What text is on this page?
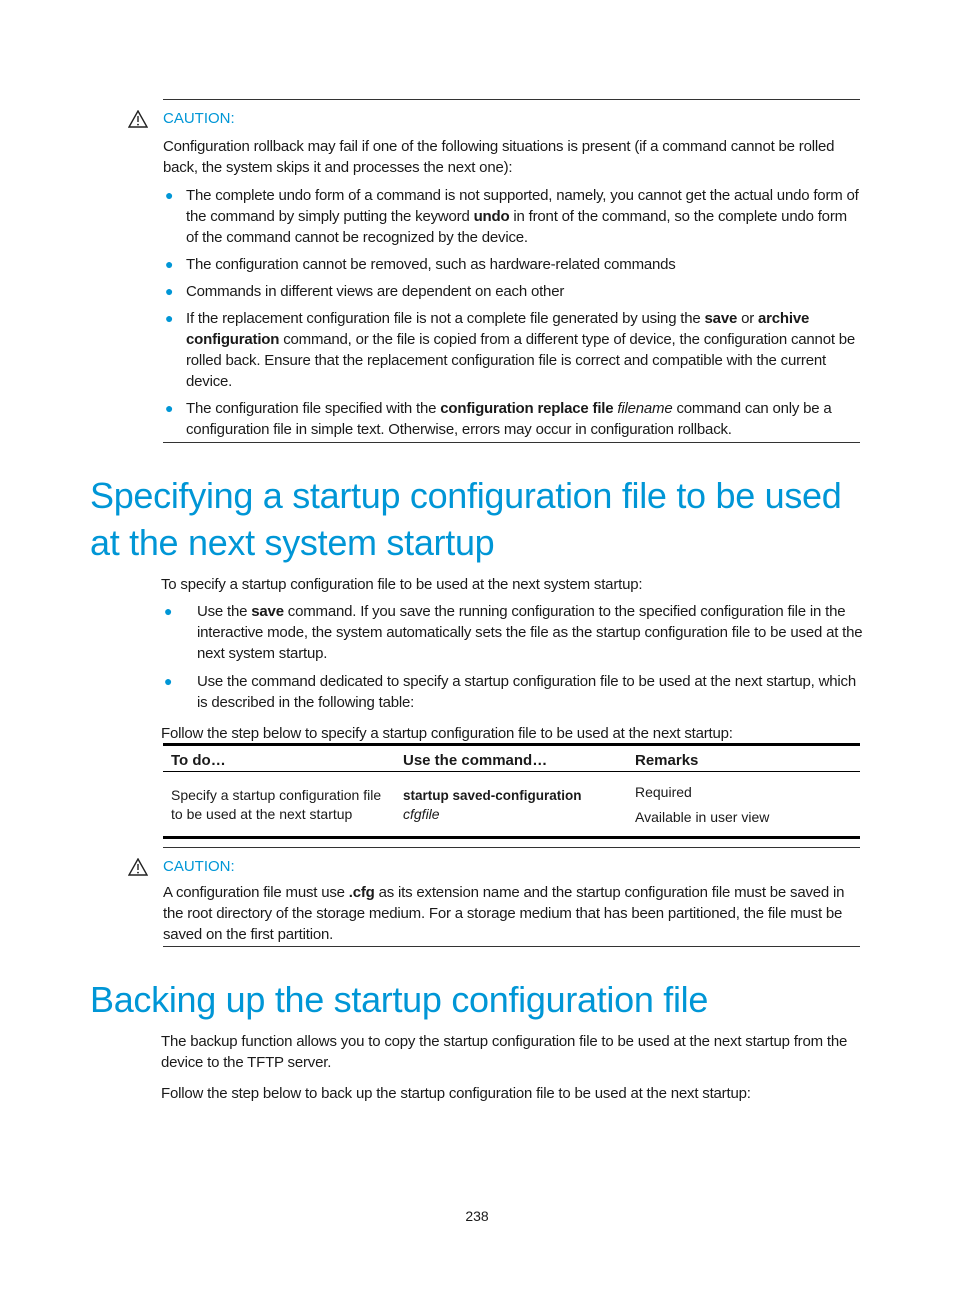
CAUTION:
Configuration rollback may fail if one of the following situations is present (if a command cannot be rolled back, the system skips it and processes the next one):
● The complete undo form of a command is not supported, namely, you cannot get the actual undo form of the command by simply putting the keyword undo in front of the command, so the complete undo form of the command cannot be recognized by the device.
● The configuration cannot be removed, such as hardware-related commands
● Commands in different views are dependent on each other
● If the replacement configuration file is not a complete file generated by using the save or archive configuration command, or the file is copied from a different type of device, the configuration cannot be rolled back. Ensure that the replacement configuration file is correct and compatible with the current device.
● The configuration file specified with the configuration replace file filename command can only be a configuration file in simple text. Otherwise, errors may occur in configuration rollback.
Specifying a startup configuration file to be used at the next system startup
To specify a startup configuration file to be used at the next system startup:
● Use the save command. If you save the running configuration to the specified configuration file in the interactive mode, the system automatically sets the file as the startup configuration file to be used at the next system startup.
● Use the command dedicated to specify a startup configuration file to be used at the next startup, which is described in the following table:
Follow the step below to specify a startup configuration file to be used at the next startup:
To do…	Use the command…	Remarks
Specify a startup configuration file to be used at the next startup	startup saved-configuration cfgfile	Required
Available in user view
CAUTION:
A configuration file must use .cfg as its extension name and the startup configuration file must be saved in the root directory of the storage medium. For a storage medium that has been partitioned, the file must be saved on the first partition.
Backing up the startup configuration file
The backup function allows you to copy the startup configuration file to be used at the next startup from the device to the TFTP server.
Follow the step below to back up the startup configuration file to be used at the next startup:
238
